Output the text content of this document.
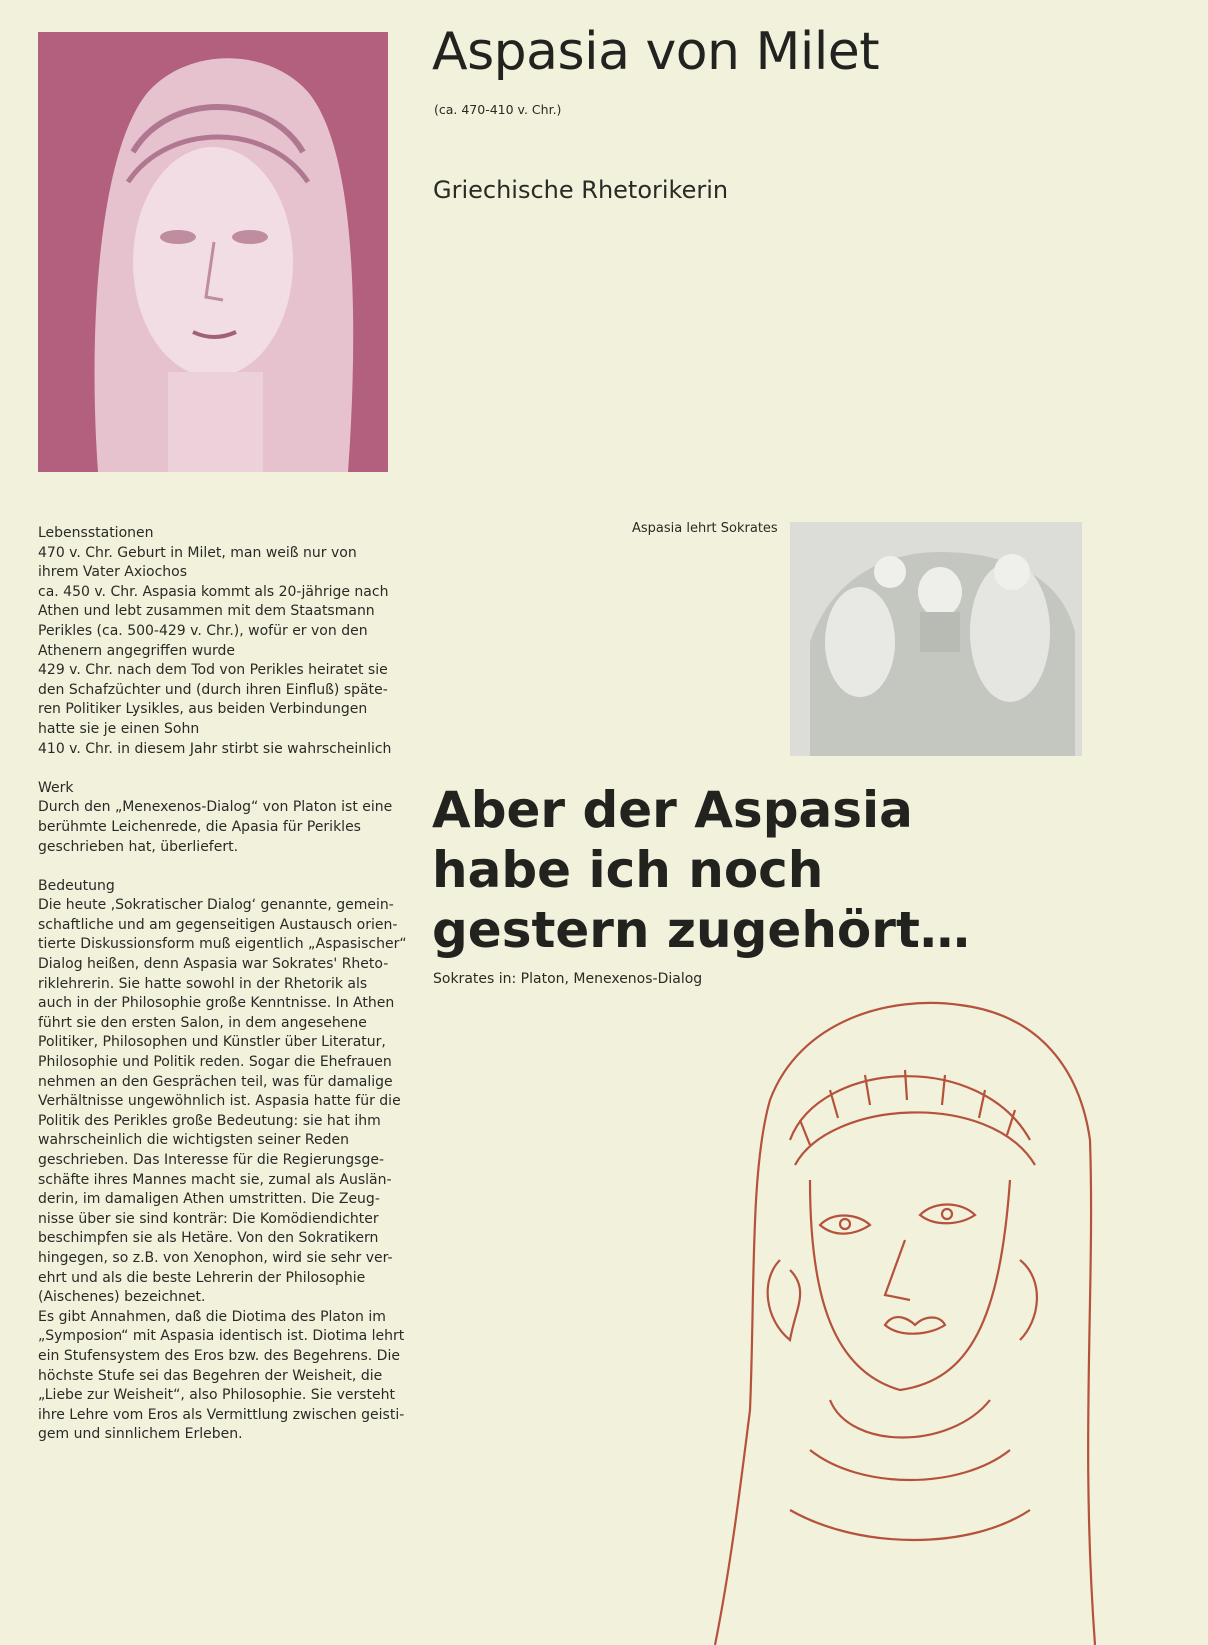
Aspasia von Milet
(ca. 470-410 v. Chr.)
Griechische Rhetorikerin
Aspasia lehrt Sokrates
Aber der Aspasia
habe ich noch
gestern zugehört…
Sokrates in: Platon, Menexenos-Dialog
Lebensstationen
470 v. Chr. Geburt in Milet, man weiß nur von
ihrem Vater Axiochos
ca. 450 v. Chr. Aspasia kommt als 20-jährige nach
Athen und lebt zusammen mit dem Staatsmann
Perikles (ca. 500-429 v. Chr.), wofür er von den
Athenern angegriffen wurde
429 v. Chr. nach dem Tod von Perikles heiratet sie
den Schafzüchter und (durch ihren Einfluß) späte-
ren Politiker Lysikles, aus beiden Verbindungen
hatte sie je einen Sohn
410 v. Chr. in diesem Jahr stirbt sie wahrscheinlich
Werk
Durch den „Menexenos-Dialog“ von Platon ist eine
berühmte Leichenrede, die Apasia für Perikles
geschrieben hat, überliefert.
Bedeutung
Die heute ‚Sokratischer Dialog‘ genannte, gemein-
schaftliche und am gegenseitigen Austausch orien-
tierte Diskussionsform muß eigentlich „Aspasischer“
Dialog heißen, denn Aspasia war Sokrates' Rheto-
riklehrerin. Sie hatte sowohl in der Rhetorik als
auch in der Philosophie große Kenntnisse. In Athen
führt sie den ersten Salon, in dem angesehene
Politiker, Philosophen und Künstler über Literatur,
Philosophie und Politik reden. Sogar die Ehefrauen
nehmen an den Gesprächen teil, was für damalige
Verhältnisse ungewöhnlich ist. Aspasia hatte für die
Politik des Perikles große Bedeutung: sie hat ihm
wahrscheinlich die wichtigsten seiner Reden
geschrieben. Das Interesse für die Regierungsge-
schäfte ihres Mannes macht sie, zumal als Auslän-
derin, im damaligen Athen umstritten. Die Zeug-
nisse über sie sind konträr: Die Komödiendichter
beschimpfen sie als Hetäre. Von den Sokratikern
hingegen, so z.B. von Xenophon, wird sie sehr ver-
ehrt und als die beste Lehrerin der Philosophie
(Aischenes) bezeichnet.
Es gibt Annahmen, daß die Diotima des Platon im
„Symposion“ mit Aspasia identisch ist. Diotima lehrt
ein Stufensystem des Eros bzw. des Begehrens. Die
höchste Stufe sei das Begehren der Weisheit, die
„Liebe zur Weisheit“, also Philosophie. Sie versteht
ihre Lehre vom Eros als Vermittlung zwischen geisti-
gem und sinnlichem Erleben.
